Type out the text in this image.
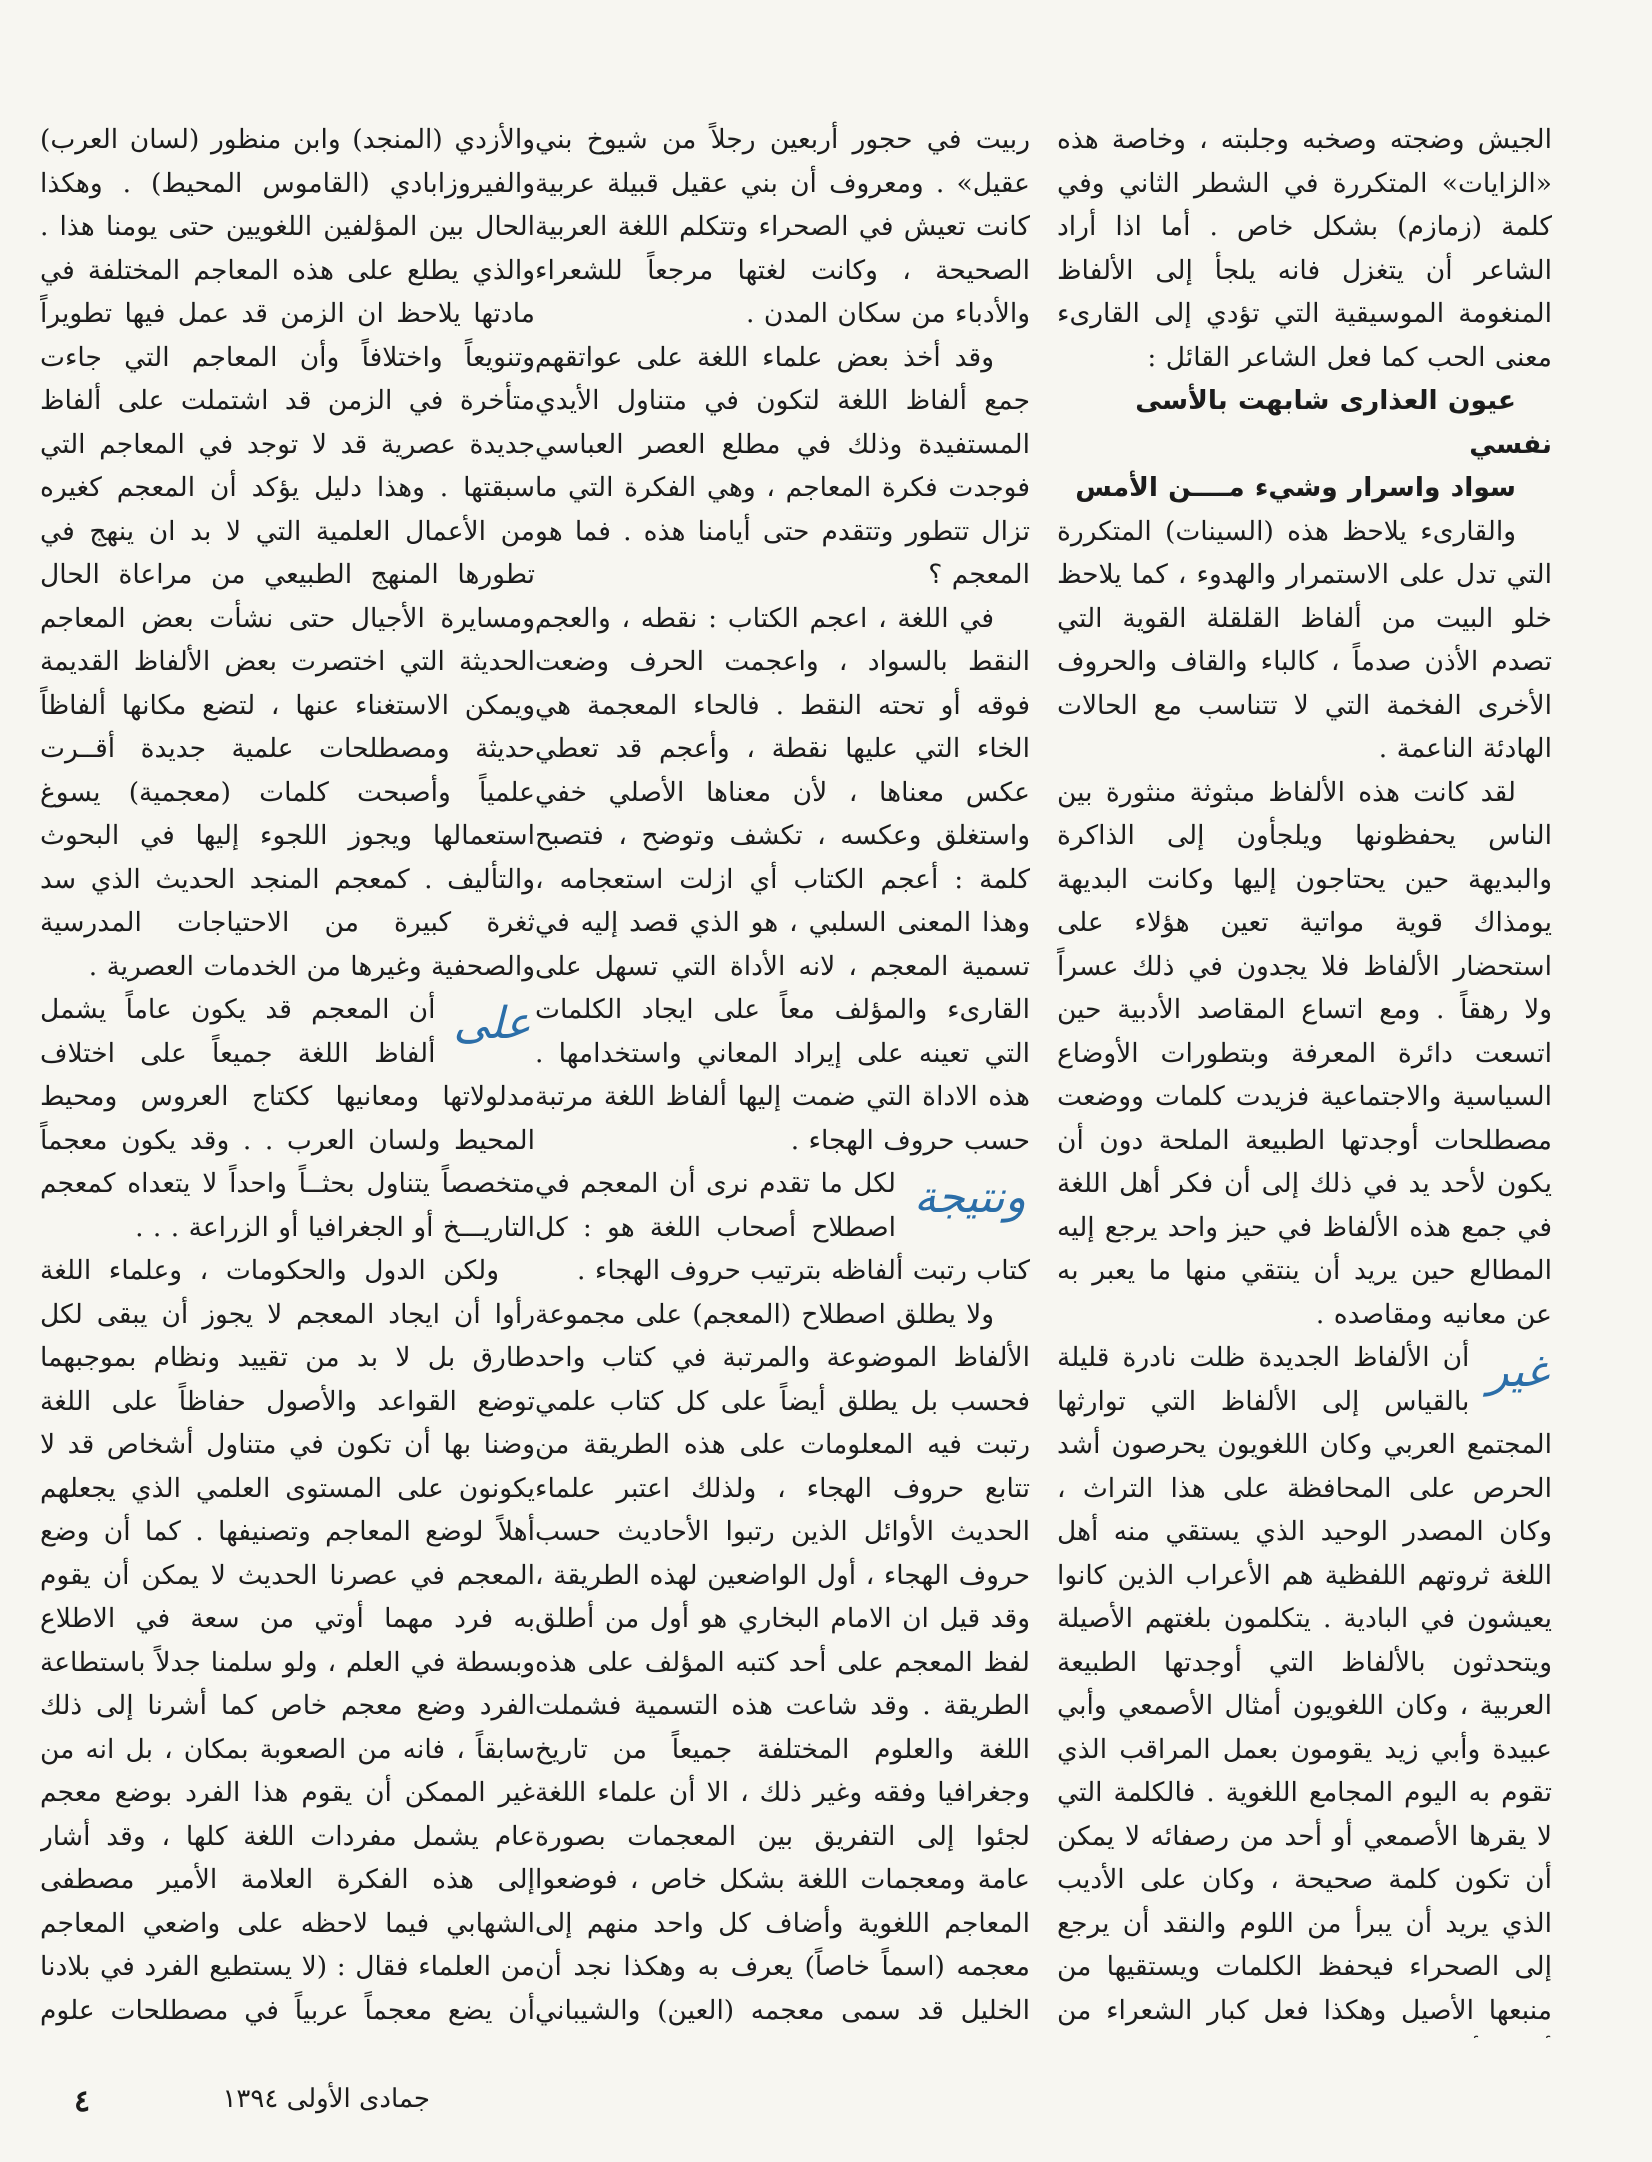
الجيش وضجته وصخبه وجلبته ، وخاصة هذه «الزايات» المتكررة في الشطر الثاني وفي كلمة (زمازم) بشكل خاص . أما اذا أراد الشاعر أن يتغزل فانه يلجأ إلى الألفاظ المنغومة الموسيقية التي تؤدي إلى القارىء معنى الحب كما فعل الشاعر القائل :

عيون العذارى شابهت بالأسى نفسي

سواد واسرار وشيء مــــن الأمس

والقارىء يلاحظ هذه (السينات) المتكررة التي تدل على الاستمرار والهدوء ، كما يلاحظ خلو البيت من ألفاظ القلقلة القوية التي تصدم الأذن صدماً ، كالباء والقاف والحروف الأخرى الفخمة التي لا تتناسب مع الحالات الهادئة الناعمة .

لقد كانت هذه الألفاظ مبثوثة منثورة بين الناس يحفظونها ويلجأون إلى الذاكرة والبديهة حين يحتاجون إليها وكانت البديهة يومذاك قوية مواتية تعين هؤلاء على استحضار الألفاظ فلا يجدون في ذلك عسراً ولا رهقاً . ومع اتساع المقاصد الأدبية حين اتسعت دائرة المعرفة وبتطورات الأوضاع السياسية والاجتماعية فزيدت كلمات ووضعت مصطلحات أوجدتها الطبيعة الملحة دون أن يكون لأحد يد في ذلك إلى أن فكر أهل اللغة في جمع هذه الألفاظ في حيز واحد يرجع إليه المطالع حين يريد أن ينتقي منها ما يعبر به عن معانيه ومقاصده .

غير
أن الألفاظ الجديدة ظلت نادرة قليلة بالقياس إلى الألفاظ التي توارثها المجتمع العربي وكان اللغويون يحرصون أشد الحرص على المحافظة على هذا التراث ، وكان المصدر الوحيد الذي يستقي منه أهل اللغة ثروتهم اللفظية هم الأعراب الذين كانوا يعيشون في البادية . يتكلمون بلغتهم الأصيلة ويتحدثون بالألفاظ التي أوجدتها الطبيعة العربية ، وكان اللغويون أمثال الأصمعي وأبي عبيدة وأبي زيد يقومون بعمل المراقب الذي تقوم به اليوم المجامع اللغوية . فالكلمة التي لا يقرها الأصمعي أو أحد من رصفائه لا يمكن أن تكون كلمة صحيحة ، وكان على الأديب الذي يريد أن يبرأ من اللوم والنقد أن يرجع إلى الصحراء فيحفظ الكلمات ويستقيها من منبعها الأصيل وهكذا فعل كبار الشعراء من

ربيت في حجور أربعين رجلاً من شيوخ بني عقيل» . ومعروف أن بني عقيل قبيلة عربية كانت تعيش في الصحراء وتتكلم اللغة العربية الصحيحة ، وكانت لغتها مرجعاً للشعراء والأدباء من سكان المدن .

وقد أخذ بعض علماء اللغة على عواتقهم جمع ألفاظ اللغة لتكون في متناول الأيدي المستفيدة وذلك في مطلع العصر العباسي فوجدت فكرة المعاجم ، وهي الفكرة التي ما تزال تتطور وتتقدم حتى أيامنا هذه . فما هو المعجم ؟

في اللغة ، اعجم الكتاب : نقطه ، والعجم النقط بالسواد ، واعجمت الحرف وضعت فوقه أو تحته النقط . فالحاء المعجمة هي الخاء التي عليها نقطة ، وأعجم قد تعطي عكس معناها ، لأن معناها الأصلي خفي واستغلق وعكسه ، تكشف وتوضح ، فتصبح كلمة : أعجم الكتاب أي ازلت استعجامه ، وهذا المعنى السلبي ، هو الذي قصد إليه في تسمية المعجم ، لانه الأداة التي تسهل على القارىء والمؤلف معاً على ايجاد الكلمات التي تعينه على إيراد المعاني واستخدامها . هذه الاداة التي ضمت إليها ألفاظ اللغة مرتبة حسب حروف الهجاء .

ونتيجة
لكل ما تقدم نرى أن المعجم في اصطلاح أصحاب اللغة هو : كل كتاب رتبت ألفاظه بترتيب حروف الهجاء .

ولا يطلق اصطلاح (المعجم) على مجموعة الألفاظ الموضوعة والمرتبة في كتاب واحد فحسب بل يطلق أيضاً على كل كتاب علمي رتبت فيه المعلومات على هذه الطريقة من تتابع حروف الهجاء ، ولذلك اعتبر علماء الحديث الأوائل الذين رتبوا الأحاديث حسب حروف الهجاء ، أول الواضعين لهذه الطريقة ، وقد قيل ان الامام البخاري هو أول من أطلق لفظ المعجم على أحد كتبه المؤلف على هذه الطريقة . وقد شاعت هذه التسمية فشملت اللغة والعلوم المختلفة جميعاً من تاريخ وجغرافيا وفقه وغير ذلك ، الا أن علماء اللغة لجئوا إلى التفريق بين المعجمات بصورة عامة ومعجمات اللغة بشكل خاص ، فوضعوا المعاجم اللغوية وأضاف كل واحد منهم إلى معجمه (اسماً خاصاً) يعرف به وهكذا نجد أن الخليل قد سمى معجمه (العين) والشيباني

والأزدي (المنجد) وابن منظور (لسان العرب) والفيروزابادي (القاموس المحيط) . وهكذا الحال بين المؤلفين اللغويين حتى يومنا هذا . والذي يطلع على هذه المعاجم المختلفة في مادتها يلاحظ ان الزمن قد عمل فيها تطويراً وتنويعاً واختلافاً وأن المعاجم التي جاءت متأخرة في الزمن قد اشتملت على ألفاظ جديدة عصرية قد لا توجد في المعاجم التي سبقتها . وهذا دليل يؤكد أن المعجم كغيره من الأعمال العلمية التي لا بد ان ينهج في تطورها المنهج الطبيعي من مراعاة الحال ومسايرة الأجيال حتى نشأت بعض المعاجم الحديثة التي اختصرت بعض الألفاظ القديمة ويمكن الاستغناء عنها ، لتضع مكانها ألفاظاً حديثة ومصطلحات علمية جديدة أقــرت علمياً وأصبحت كلمات (معجمية) يسوغ استعمالها ويجوز اللجوء إليها في البحوث والتأليف . كمعجم المنجد الحديث الذي سد ثغرة كبيرة من الاحتياجات المدرسية والصحفية وغيرها من الخدمات العصرية .

على
أن المعجم قد يكون عاماً يشمل ألفاظ اللغة جميعاً على اختلاف مدلولاتها ومعانيها ككتاج العروس ومحيط المحيط ولسان العرب . . وقد يكون معجماً متخصصاً يتناول بحثــاً واحداً لا يتعداه كمعجم التاريـــخ أو الجغرافيا أو الزراعة . . .

ولكن الدول والحكومات ، وعلماء اللغة رأوا أن ايجاد المعجم لا يجوز أن يبقى لكل طارق بل لا بد من تقييد ونظام بموجبهما توضع القواعد والأصول حفاظاً على اللغة وضنا بها أن تكون في متناول أشخاص قد لا يكونون على المستوى العلمي الذي يجعلهم أهلاً لوضع المعاجم وتصنيفها . كما أن وضع المعجم في عصرنا الحديث لا يمكن أن يقوم به فرد مهما أوتي من سعة في الاطلاع وبسطة في العلم ، ولو سلمنا جدلاً باستطاعة الفرد وضع معجم خاص كما أشرنا إلى ذلك سابقاً ، فانه من الصعوبة بمكان ، بل انه من غير الممكن أن يقوم هذا الفرد بوضع معجم عام يشمل مفردات اللغة كلها ، وقد أشار إلى هذه الفكرة العلامة الأمير مصطفى الشهابي فيما لاحظه على واضعي المعاجم من العلماء فقال : (لا يستطيع الفرد في بلادنا أن يضع معجماً عربياً في مصطلحات علوم

جمادى الأولى ١٣٩٤
٤
